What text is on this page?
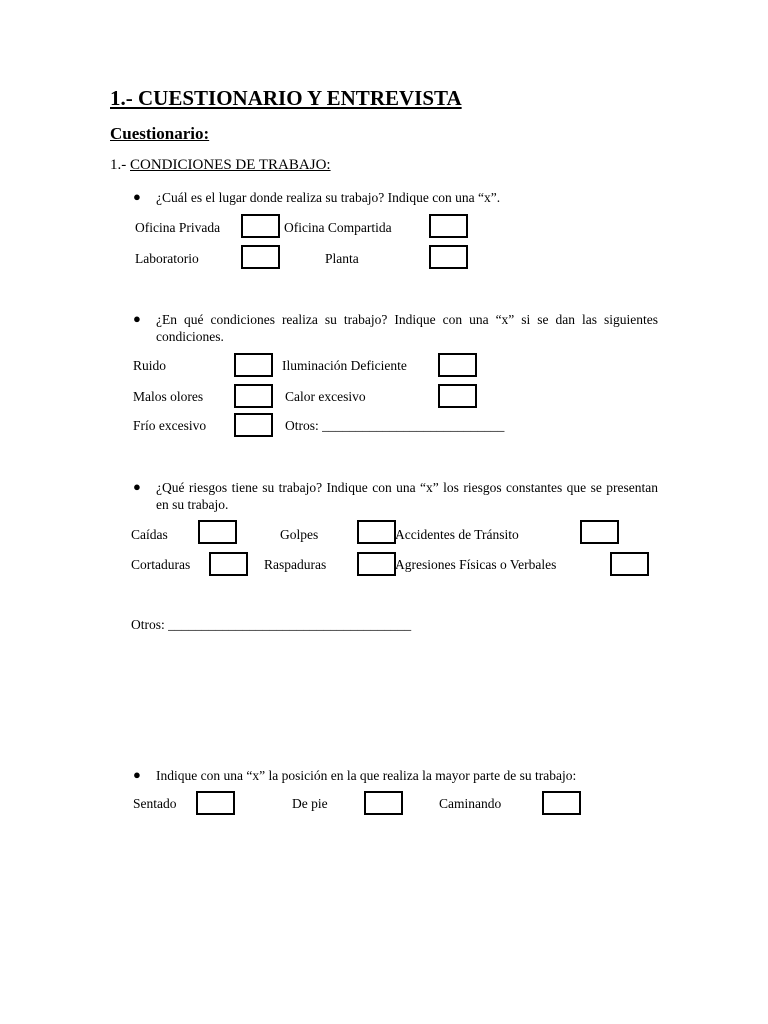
1.- CUESTIONARIO Y ENTREVISTA
Cuestionario:
1.- CONDICIONES DE TRABAJO:
● ¿Cuál es el lugar donde realiza su trabajo? Indique con una “x”.
Oficina Privada	Oficina Compartida
Laboratorio	Planta
● ¿En qué condiciones realiza su trabajo? Indique con una “x” si se dan las siguientes condiciones.
Ruido	Iluminación Deficiente
Malos olores	Calor excesivo
Frío excesivo	Otros: ___________________________
● ¿Qué riesgos tiene su trabajo? Indique con una “x” los riesgos constantes que se presentan en su trabajo.
Caídas	Golpes	Accidentes de Tránsito
Cortaduras	Raspaduras	Agresiones Físicas o Verbales
Otros: ____________________________________
● Indique con una “x” la posición en la que realiza la mayor parte de su trabajo:
Sentado	De pie	Caminando
